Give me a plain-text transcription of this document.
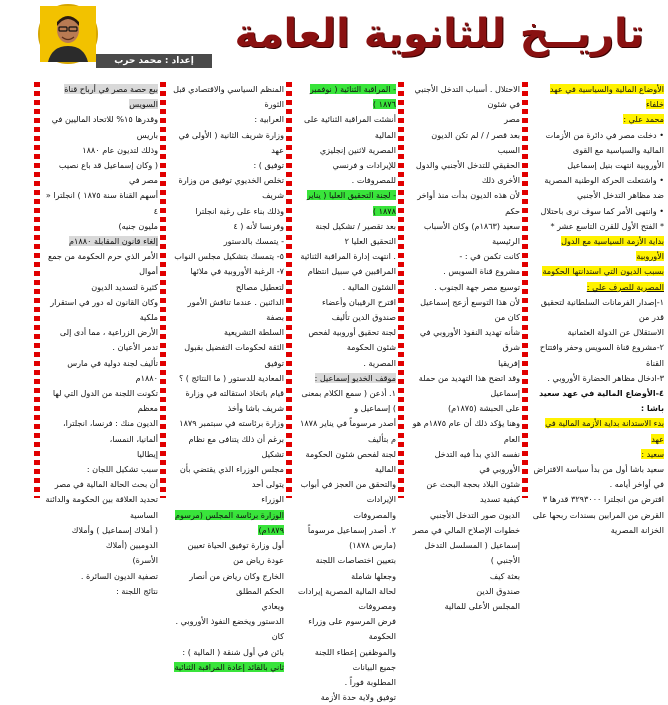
تاريــخ للثانوية العامة
إعداد : محمد حرب

الأوضاع المالية والسياسية في عهد خلفاء

محمد علي :

• دخلت مصر في دائرة من الأزمات

المالية والسياسية مع القوى

الأوروبية انتهت بنيل إسماعيل

• واشتعلت الحركة الوطنية المصرية

ضد مظاهر التدخل الأجنبي

• وانتهى الأمر كما سوف نرى باحتلال

* الفتح الأول للقرن التاسع عشر *

بداية الأزمة السياسية مع الدول الأوروبية

بسبب الديون التي استدانتها الحكومة

المصرية للصرف علي :

١-إصدار الفرمانات السلطانية لتحقيق قدر من

الاستقلال عن الدولة العثمانية

٢-مشروع قناة السويس وحفر وافتتاح القناة

٣-ادخال مظاهر الحضارة الأوروبي .

٤-الأوضاع المالية في عهد سعيد باشا :

بدء الاستدانة بداية الأزمة المالية في عهد

سعيد :

سعيد باشا أول من بدأ سياسة الاقتراض

في أواخر أيامه .

اقترض من انجلترا ٣٢٩٣٠٠٠ قدرها ٣

القرض من المرابين بسندات ربحها على

الخزانة المصرية

الاحتلال . أسباب التدخل الأجنبي في شئون

مصر

بعد قصر / / لم تكن الديون السبب

الحقيقي للتدخل الأجنبي والدول الأخرى ذلك

لأن هذه الديون بدأت منذ أواخر حكم

سعيد (١٨٦٣م) وكان الأسباب الرئيسية

كانت تكمن في : -

مشروع قناة السويس .

توسيع مصر جهة الجنوب .

لأن هذا التوسع أزعج إسماعيل كان من

شأنه تهديد النفوذ الأوروبي في شرق

إفريقيا

وقد اتضح هذا التهديد من حملة إسماعيل

على الحبشة (١٨٧٥م)

وهنا يؤكد ذلك أن عام ١٨٧٥م هو العام

نفسه الذي بدأ فيه التدخل الأوروبي في

شئون البلاد بحجة البحث عن كيفية تسديد

الديون صور التدخل الأجنبي

خطوات الإصلاح المالي في مصر

إسماعيل ( المسلسل التدخل الأجنبي )

بعثة كيف

صندوق الدين

المجلس الأعلى للمالية

- المراقبة الثنائية ( نوفمبر ١٨٧٦ )

أنشئت المراقبة الثنائية على المالية

المصرية لاثنين إنجليزي للإيرادات و فرنسي

للمصروفات .

- لجنة التحقيق العليا ( يناير ١٨٧٨ )

بعد تقصير / تشكيل لجنة التحقيق العليا ٢

. انتهت إدارة المراقبة الثنائية

المراقبين في سبيل انتظام الشئون المالية .

اقترح الرقيبان وأعضاء صندوق الدين تأليف

لجنة تحقيق أوروبية لفحص شئون الحكومة

المصرية .

موقف الخديو إسماعيل :

١. أذعن ( سمع الكلام بمعنى ) إسماعيل و

أصدر مرسوماً في يناير ١٨٧٨ م بتأليف

لجنة لفحص شئون الحكومة المالية

والتحقق من العجز في أبواب الإيرادات

والمصروفات

٢. أصدر إسماعيل مرسوماً (مارس ١٨٧٨)

بتعيين اختصاصات اللجنة وجعلها شاملة

لحالة المالية المصرية إيرادات ومصروفات

فرض المرسوم على وزراء الحكومة

والموظفين إعطاء اللجنة جميع البيانات

المطلوبة فوراً .

توفيق ولاية حدة الأزمة

المنظم السياسي والاقتصادي قبل الثورة

العرابية :

وزارة شريف الثانية ( الأولى في عهد

توفيق ) :

تخلص الخديوي توفيق من وزارة شريف

وذلك بناء على رغبة انجلترا وفرنسا لأنه ( ٤

- يتمسك بالدستور

٥- يتمسك بتشكيل مجلس النواب

٧- الرغبة الأوروبية في ملائها لتعطيل مصالح

الدائنين . عندما تناقش الأمور بصفة

السلطة التشريعية

الثقة لحكومات التفضيل بقبول توفيق

المعادية للدستور ( ما النتائج ) ؟

قيام باتخاذ استقالته في وزارة شريف باشا وأخذ

وزارة برئاسته في سبتمبر ١٨٧٩

برغم أن ذلك يتنافى مع نظام تشكيل

مجلس الوزراء الذي يقتضي بأن يتولى أحد

الوزراء

الوزارة برئاسة المجلس (مرسوم ١٨٧٩م)

أول وزارة توفيق الحياة تعيين عودة رياض من

الخارج وكان رياض من أنصار الحكم المطلق

ويعادي

الدستور ويخضع النفوذ الأوروبي . كان

بائن في أول شنقة ( المالية ) :

ثاني بالقائد إعادة المراقبة الثنائية

بيع حصة مصر في أرباح قناة السويس

وقدرها ١٥% للاتحاد الماليين في باريس

وذلك لتديون عام ١٨٨٠

( وكان إسماعيل قد باع نصيب مصر في

أسهم القناة سنة ١٨٧٥ ) انجلترا « ٤

مليون جنيه)

إلغاء قانون المقابلة ١٨٨٠م

الأمر الذي حرم الحكومة من جمع أموال

كثيرة لتسديد الديون

وكان القانون له دور في استقرار ملكية

الأرض الزراعية ، مما أدى إلى تدمر الأعيان .

تأليف لجنة دولية في مارس ١٨٨٠م

تكونت اللجنة من الدول التي لها معظم

الديون منك : فرنسا، انجلترا، ألمانيا، النمسا،

إيطاليا

سبب تشكيل اللجان :

أن بحث الحالة المالية في مصر

تحديد العلاقة بين الحكومة والدائنة الساسية

( أملاك إسماعيل ) وأملاك الدوميين (أملاك

الأسرة)

تصفية الديون السائرة .

نتائج اللجنة :
